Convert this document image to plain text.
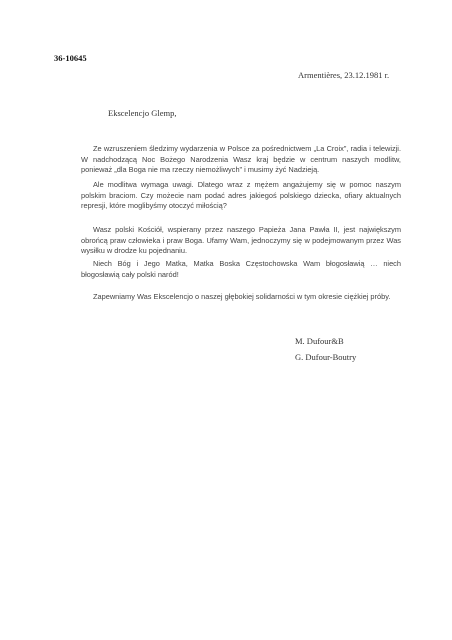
36-10645
Armentières, 23.12.1981 r.
Ekscelencjo Glemp,

Ze wzruszeniem śledzimy wydarzenia w Polsce za pośrednictwem „La Croix”, radia i telewizji. W nadchodzącą Noc Bożego Narodzenia Wasz kraj będzie w centrum naszych modlitw, ponieważ „dla Boga nie ma rzeczy niemożliwych” i musimy żyć Nadzieją.

Ale modlitwa wymaga uwagi. Dlatego wraz z mężem angażujemy się w pomoc naszym polskim braciom. Czy możecie nam podać adres jakiegoś polskiego dziecka, ofiary aktualnych represji, które moglibyśmy otoczyć miłością?

Wasz polski Kościół, wspierany przez naszego Papieża Jana Pawła II, jest największym obrońcą praw człowieka i praw Boga. Ufamy Wam, jednoczymy się w podejmowanym przez Was wysiłku w drodze ku pojednaniu.

Niech Bóg i Jego Matka, Matka Boska Częstochowska Wam błogosławią … niech błogosławią cały polski naród!

Zapewniamy Was Ekscelencjo o naszej głębokiej solidarności w tym okresie ciężkiej próby.

M. Dufour&B
G. Dufour-Boutry
